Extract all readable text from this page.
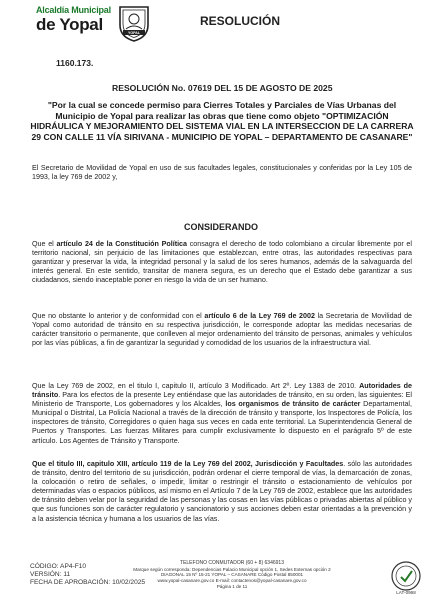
Alcaldía Municipal
de Yopal	YOPAL
RESOLUCIÓN
1160.173.
RESOLUCIÓN No. 07619 DEL 15 DE AGOSTO DE 2025
"Por la cual se concede permiso para Cierres Totales y Parciales de Vías Urbanas del Municipio de Yopal para realizar las obras que tiene como objeto "OPTIMIZACIÓN HIDRÁULICA Y MEJORAMIENTO DEL SISTEMA VIAL EN LA INTERSECCION DE LA CARRERA 29 CON CALLE 11 VÍA SIRIVANA - MUNICIPIO DE YOPAL – DEPARTAMENTO DE CASANARE"
El Secretario de Movilidad de Yopal en uso de sus facultades legales, constitucionales y conferidas por la Ley 105 de 1993, la ley 769 de 2002 y,
CONSIDERANDO
Que el artículo 24 de la Constitución Política consagra el derecho de todo colombiano a circular libremente por el territorio nacional, sin perjuicio de las limitaciones que establezcan, entre otras, las autoridades respectivas para garantizar y preservar la vida, la integridad personal y la salud de los seres humanos, además de la salvaguarda del interés general. En este sentido, transitar de manera segura, es un derecho que el Estado debe garantizar a sus ciudadanos, siendo inaceptable poner en riesgo la vida de un ser humano.
Que no obstante lo anterior y de conformidad con el artículo 6 de la Ley 769 de 2002 la Secretaria de Movilidad de Yopal como autoridad de tránsito en su respectiva jurisdicción, le corresponde adoptar las medidas necesarias de carácter transitorio o permanente, que conlleven al mejor ordenamiento del tránsito de personas, animales y vehículos por las vías públicas, a fin de garantizar la seguridad y comodidad de los usuarios de la infraestructura vial.
Que la Ley 769 de 2002, en el titulo I, capitulo II, artículo 3 Modificado. Art 2º. Ley 1383 de 2010. Autoridades de tránsito. Para los efectos de la presente Ley entiéndase que las autoridades de tránsito, en su orden, las siguientes: El Ministerio de Transporte, Los gobernadores y los Alcaldes, los organismos de tránsito de carácter Departamental, Municipal o Distrital, La Policía Nacional a través de la dirección de tránsito y transporte, los Inspectores de Policía, los inspectores de tránsito, Corregidores o quien haga sus veces en cada ente territorial. La Superintendencia General de Puertos y Transportes. Las fuerzas Militares para cumplir exclusivamente lo dispuesto en el parágrafo 5º de este artículo. Los Agentes de Tránsito y Transporte.
Que el titulo III, capitulo XIII, artículo 119 de la Ley 769 del 2002, Jurisdicción y Facultades. sólo las autoridades de tránsito, dentro del territorio de su jurisdicción, podrán ordenar el cierre temporal de vías, la demarcación de zonas, la colocación o retiro de señales, o impedir, limitar o restringir el tránsito o estacionamiento de vehículos por determinadas vías o espacios públicos, así mismo en el Artículo 7 de la Ley 769 de 2002, establece que las autoridades de tránsito deben velar por la seguridad de las personas y las cosas en las vías públicas o privadas abiertas al público y que sus funciones son de carácter regulatorio y sancionatorio y sus acciones deben estar orientadas a la prevención y a la asistencia técnica y humana a los usuarios de las vías.
CÓDIGO: AP4-F10
VERSIÓN: 11
FECHA DE APROBACIÓN: 10/02/2025
TELEFONO CONMUTADOR (60 + 8) 6346913
Marque según corresponda: Dependencias Palacio Municipal opción 1, Sedes Externas opción 2
DIAGONAL 15 Nº 15-21 YOPAL – CASANARE Código Postal 850001
www.yopal-casanare.gov.co E-mail: contactenos@yopal-casanare.gov.co
Página 1 de 11
LAT-0968
